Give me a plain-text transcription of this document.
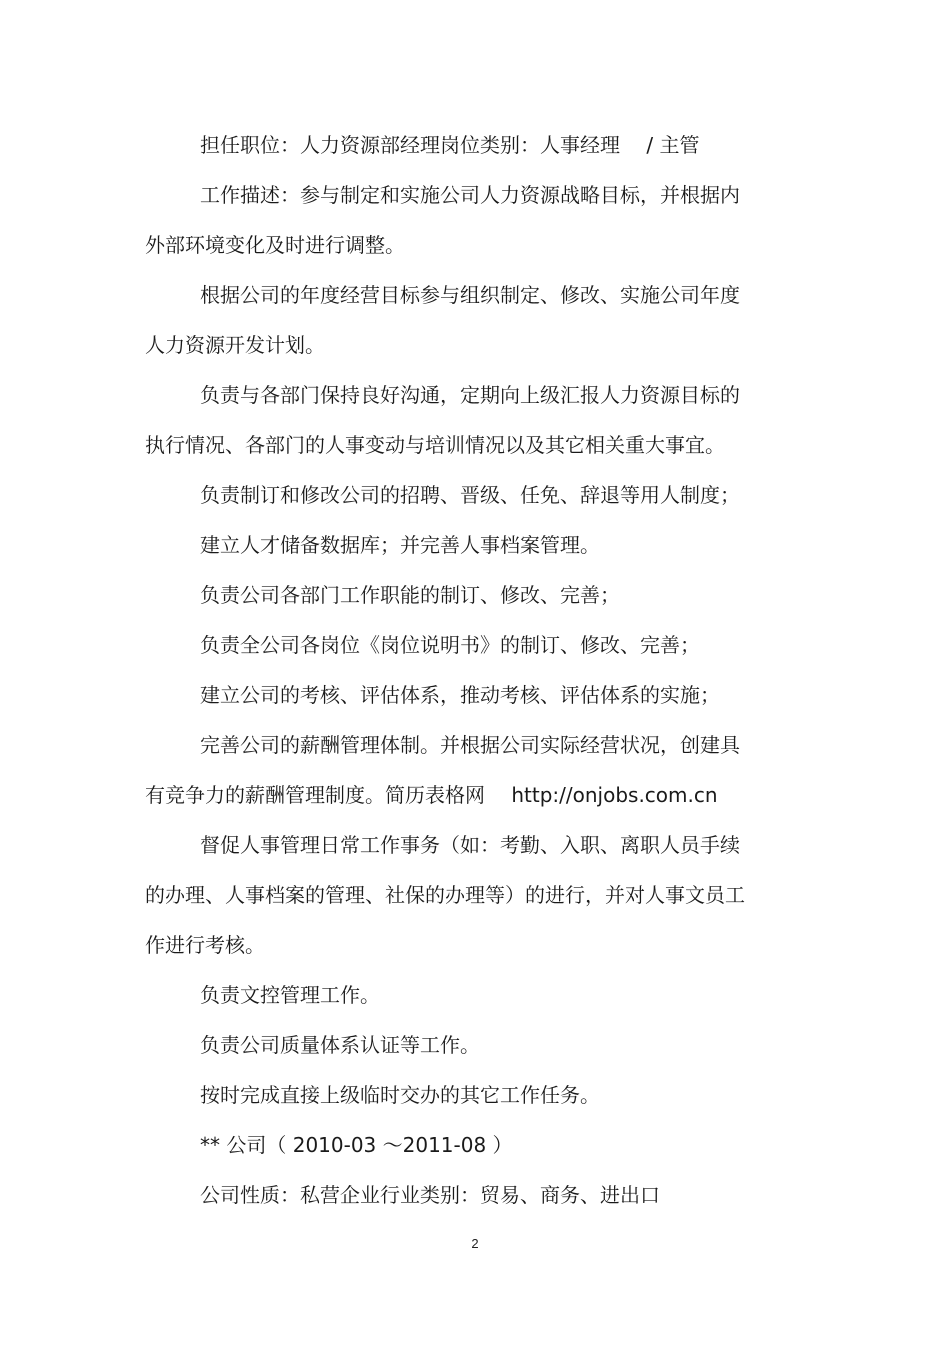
担任职位：人力资源部经理岗位类别：人事经理　 / 主管
工作描述：参与制定和实施公司人力资源战略目标，并根据内
外部环境变化及时进行调整。
根据公司的年度经营目标参与组织制定、修改、实施公司年度
人力资源开发计划。
负责与各部门保持良好沟通，定期向上级汇报人力资源目标的
执行情况、各部门的人事变动与培训情况以及其它相关重大事宜。
负责制订和修改公司的招聘、晋级、任免、辞退等用人制度；
建立人才储备数据库；并完善人事档案管理。
负责公司各部门工作职能的制订、修改、完善；
负责全公司各岗位《岗位说明书》的制订、修改、完善；
建立公司的考核、评估体系，推动考核、评估体系的实施；
完善公司的薪酬管理体制。并根据公司实际经营状况，创建具
有竞争力的薪酬管理制度。简历表格网　 http://onjobs.com.cn
督促人事管理日常工作事务（如：考勤、入职、离职人员手续
的办理、人事档案的管理、社保的办理等）的进行，并对人事文员工
作进行考核。
负责文控管理工作。
负责公司质量体系认证等工作。
按时完成直接上级临时交办的其它工作任务。
** 公司（ 2010-03 ～2011-08 ）
公司性质：私营企业行业类别：贸易、商务、进出口
2
